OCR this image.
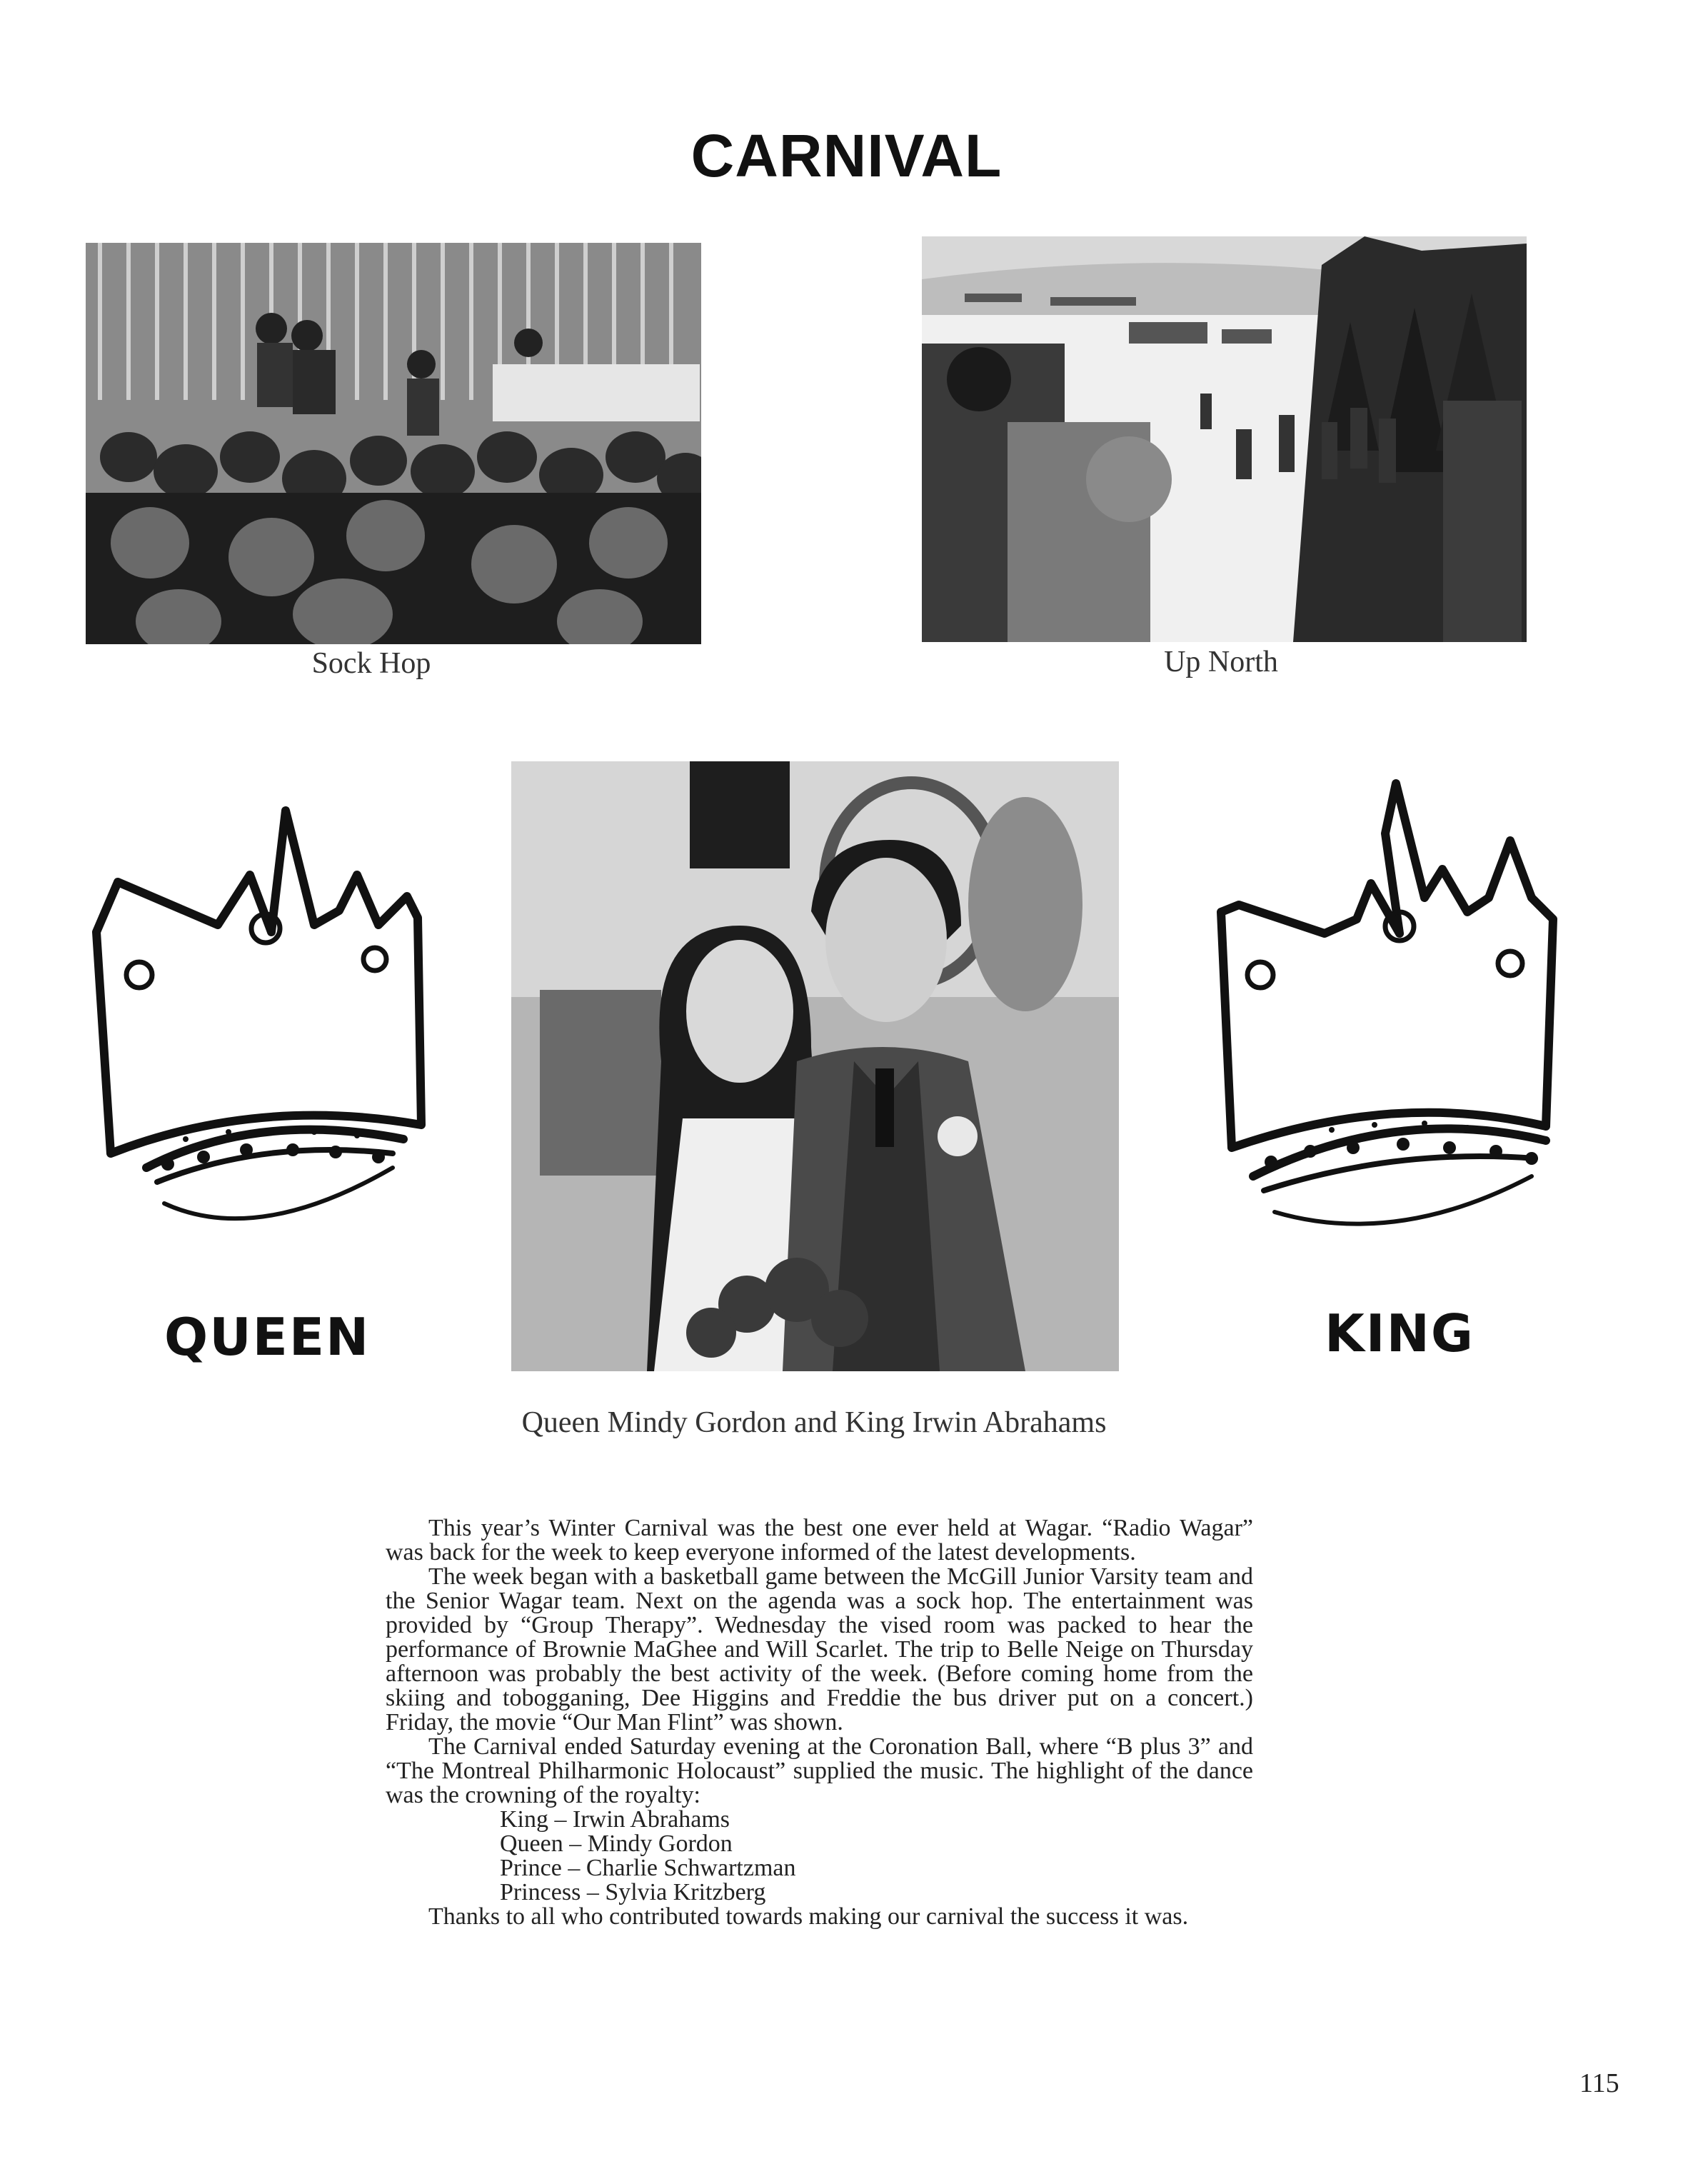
CARNIVAL
Sock Hop	Up North
QUEEN	KING
Queen Mindy Gordon and King Irwin Abrahams

This year’s Winter Carnival was the best one ever held at Wagar. “Radio Wagar” was back for the week to keep everyone informed of the latest developments.

The week began with a basketball game between the McGill Junior Varsity team and the Senior Wagar team. Next on the agenda was a sock hop. The entertainment was provided by “Group Therapy”. Wednesday the vised room was packed to hear the performance of Brownie MaGhee and Will Scarlet. The trip to Belle Neige on Thursday afternoon was probably the best activity of the week. (Before coming home from the skiing and tobogganing, Dee Higgins and Freddie the bus driver put on a concert.) Friday, the movie “Our Man Flint” was shown.

The Carnival ended Saturday evening at the Coronation Ball, where “B plus 3” and “The Montreal Philharmonic Holocaust” supplied the music. The highlight of the dance was the crowning of the royalty:

King – Irwin Abrahams
Queen – Mindy Gordon
Prince – Charlie Schwartzman
Princess – Sylvia Kritzberg

Thanks to all who contributed towards making our carnival the success it was.

115
